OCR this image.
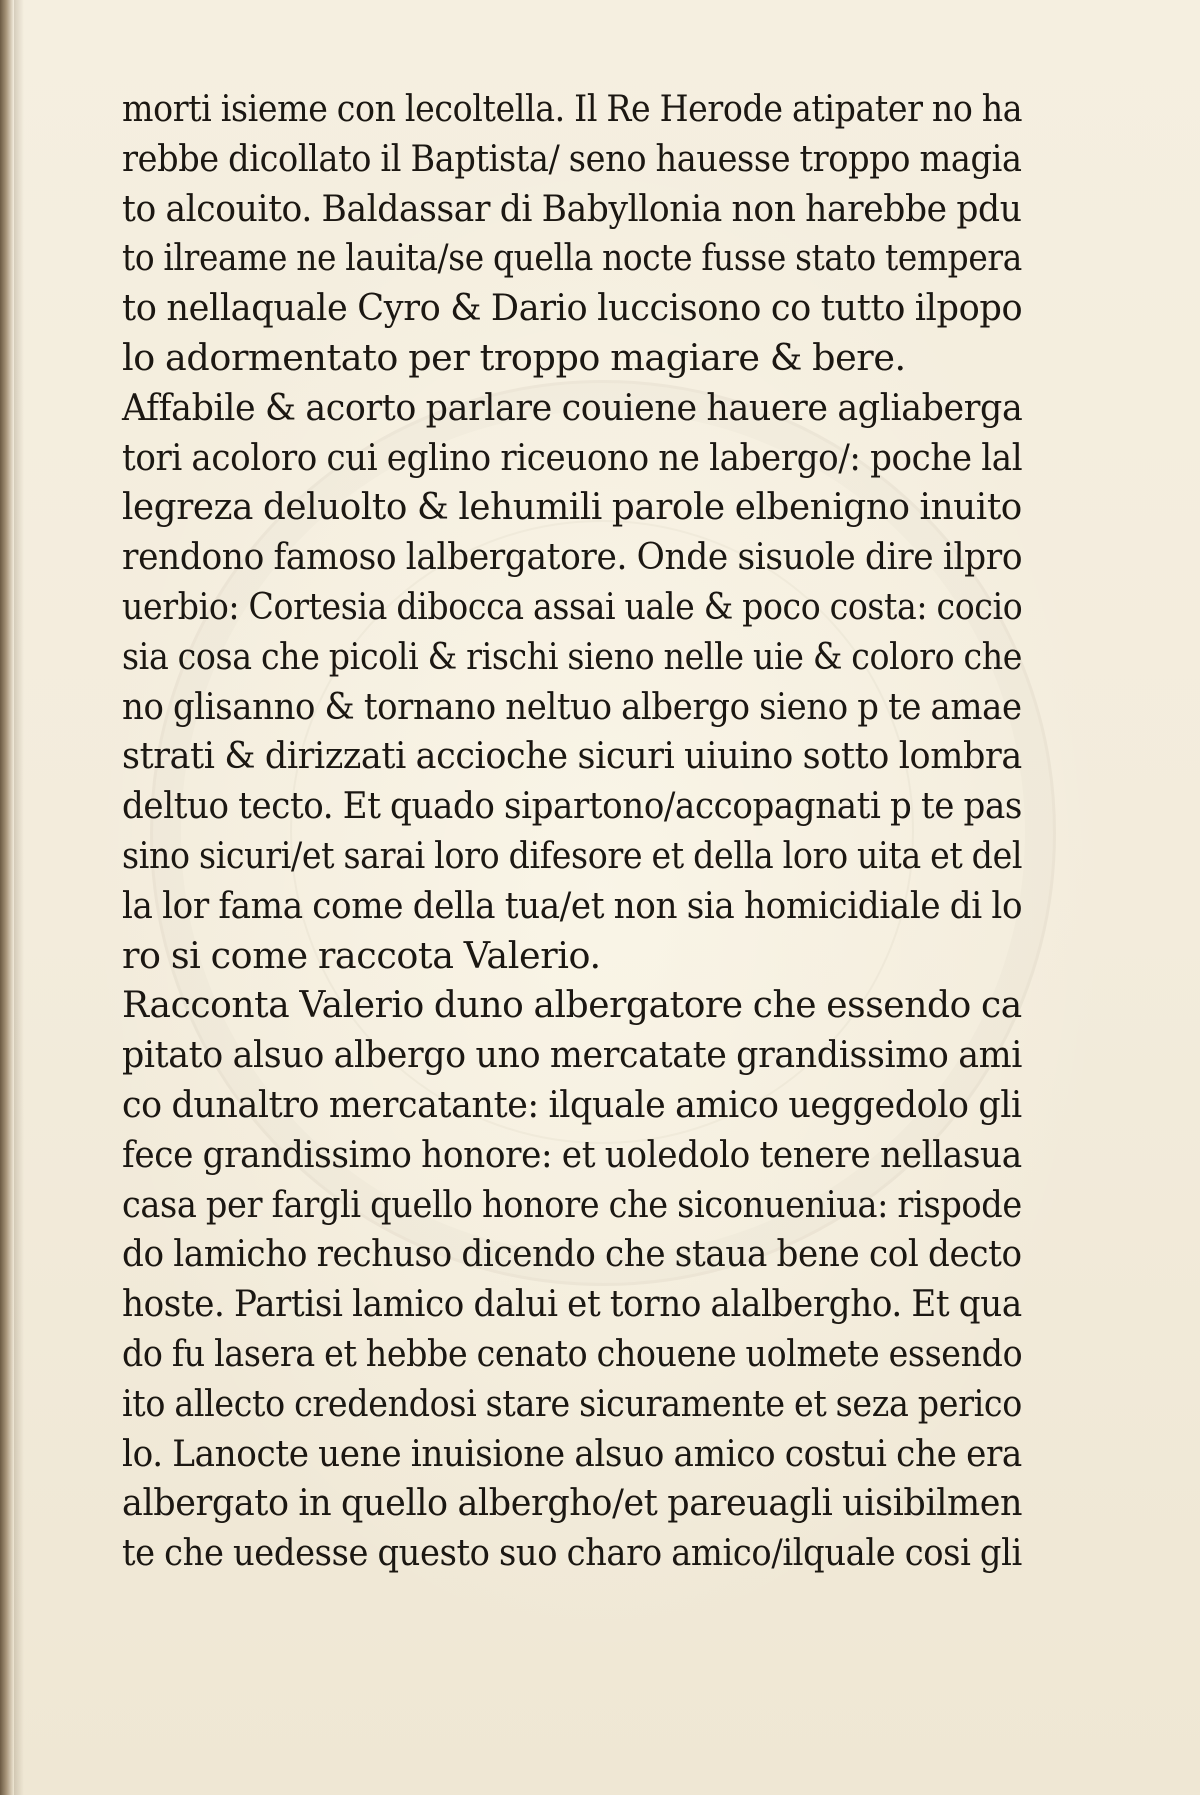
morti isieme con lecoltella. Il Re Herode atipater no ha
rebbe dicollato il Baptista/ seno hauesse troppo magia
to alcouito. Baldassar di Babyllonia non harebbe pdu
to ilreame ne lauita/se quella nocte fusse stato tempera
to nellaquale Cyro & Dario luccisono co tutto ilpopo
lo adormentato per troppo magiare & bere.
Affabile & acorto parlare couiene hauere agliaberga
tori acoloro cui eglino riceuono ne labergo/: poche lal
legreza deluolto & lehumili parole elbenigno inuito
rendono famoso lalbergatore. Onde sisuole dire ilpro
uerbio: Cortesia dibocca assai uale & poco costa: cocio
sia cosa che picoli & rischi sieno nelle uie & coloro che
no glisanno & tornano neltuo albergo sieno p te amae
strati & dirizzati accioche sicuri uiuino sotto lombra
deltuo tecto. Et quado sipartono/accopagnati p te pas
sino sicuri/et sarai loro difesore et della loro uita et del
la lor fama come della tua/et non sia homicidiale di lo
ro si come raccota Valerio.
Racconta Valerio duno albergatore che essendo ca
pitato alsuo albergo uno mercatate grandissimo ami
co dunaltro mercatante: ilquale amico ueggedolo gli
fece grandissimo honore: et uoledolo tenere nellasua
casa per fargli quello honore che siconueniua: rispode
do lamicho rechuso dicendo che staua bene col decto
hoste. Partisi lamico dalui et torno alalbergho. Et qua
do fu lasera et hebbe cenato chouene uolmete essendo
ito allecto credendosi stare sicuramente et seza perico
lo. Lanocte uene inuisione alsuo amico costui che era
albergato in quello albergho/et pareuagli uisibilmen
te che uedesse questo suo charo amico/ilquale cosi gli
